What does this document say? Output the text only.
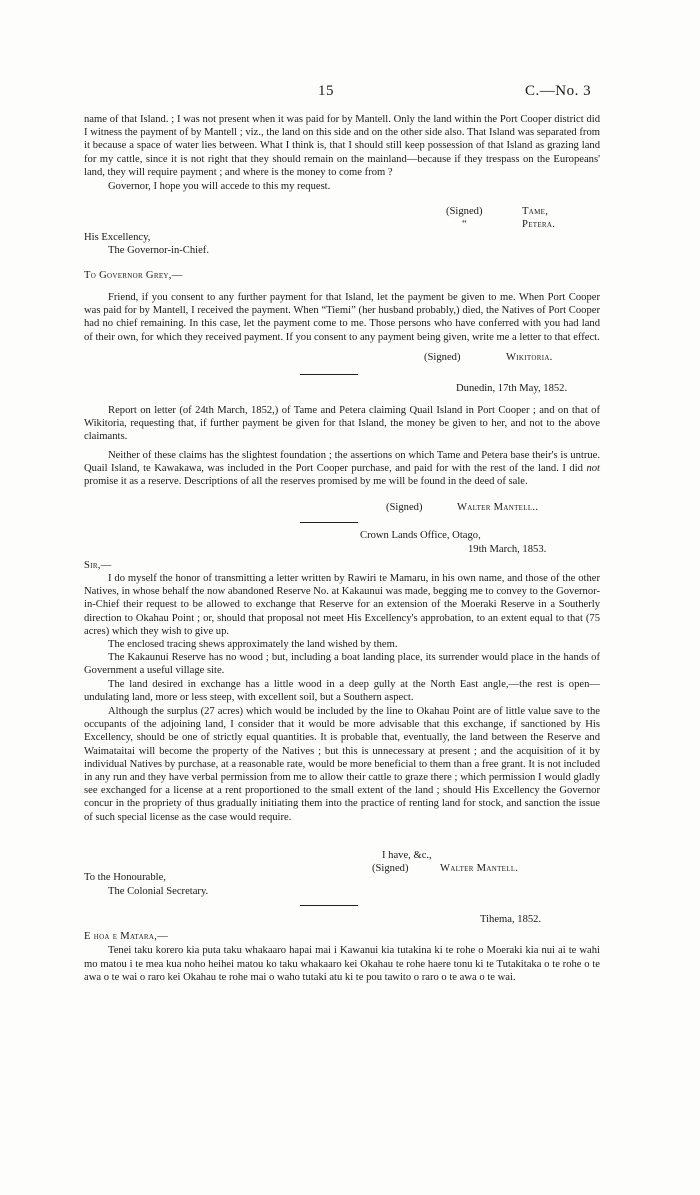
15	C.—No. 3
name of that Island. ; I was not present when it was paid for by Mantell. Only the land within the Port Cooper district did I witness the payment of by Mantell ; viz., the land on this side and on the other side also. That Island was separated from it because a space of water lies between. What I think is, that I should still keep possession of that Island as grazing land for my cattle, since it is not right that they should remain on the mainland—because if they trespass on the Europeans' land, they will require payment ; and where is the money to come from ?
Governor, I hope you will accede to this my request.
(Signed)	Tame,
“	Petera.
His Excellency,
The Governor-in-Chief.
To Governor Grey,—
Friend, if you consent to any further payment for that Island, let the payment be given to me. When Port Cooper was paid for by Mantell, I received the payment. When “Tiemi” (her husband probably,) died, the Natives of Port Cooper had no chief remaining. In this case, let the payment come to me. Those persons who have conferred with you had land of their own, for which they received payment. If you consent to any payment being given, write me a letter to that effect.
(Signed)	Wikitoria.
Dunedin, 17th May, 1852.
Report on letter (of 24th March, 1852,) of Tame and Petera claiming Quail Island in Port Cooper ; and on that of Wikitoria, requesting that, if further payment be given for that Island, the money be given to her, and not to the above claimants.
Neither of these claims has the slightest foundation ; the assertions on which Tame and Petera base their's is untrue. Quail Island, te Kawakawa, was included in the Port Cooper purchase, and paid for with the rest of the land. I did not promise it as a reserve. Descriptions of all the reserves promised by me will be found in the deed of sale.
(Signed)	Walter Mantell..
Crown Lands Office, Otago,
19th March, 1853.
Sir,—
I do myself the honor of transmitting a letter written by Rawiri te Mamaru, in his own name, and those of the other Natives, in whose behalf the now abandoned Reserve No. at Kakaunui was made, begging me to convey to the Governor-in-Chief their request to be allowed to exchange that Reserve for an extension of the Moeraki Reserve in a Southerly direction to Okahau Point ; or, should that proposal not meet His Excellency's approbation, to an extent equal to that (75 acres) which they wish to give up.
The enclosed tracing shews approximately the land wished by them.
The Kakaunui Reserve has no wood ; but, including a boat landing place, its surrender would place in the hands of Government a useful village site.
The land desired in exchange has a little wood in a deep gully at the North East angle,—the rest is open—undulating land, more or less steep, with excellent soil, but a Southern aspect.
Although the surplus (27 acres) which would be included by the line to Okahau Point are of little value save to the occupants of the adjoining land, I consider that it would be more advisable that this exchange, if sanctioned by His Excellency, should be one of strictly equal quantities. It is probable that, eventually, the land between the Reserve and Waimataitai will become the property of the Natives ; but this is unnecessary at present ; and the acquisition of it by individual Natives by purchase, at a reasonable rate, would be more beneficial to them than a free grant. It is not included in any run and they have verbal permission from me to allow their cattle to graze there ; which permission I would gladly see exchanged for a license at a rent proportioned to the small extent of the land ; should His Excellency the Governor concur in the propriety of thus gradually initiating them into the practice of renting land for stock, and sanction the issue of such special license as the case would require.
I have, &c.,
(Signed)	Walter Mantell.
To the Honourable,
The Colonial Secretary.
Tihema, 1852.
E hoa e Matara,—
Tenei taku korero kia puta taku whakaaro hapai mai i Kawanui kia tutakina ki te rohe o Moeraki kia nui ai te wahi mo matou i te mea kua noho heihei matou ko taku whakaaro kei Okahau te rohe haere tonu ki te Tutakitaka o te rohe o te awa o te wai o raro kei Okahau te rohe mai o waho tutaki atu ki te pou tawito o raro o te awa o te wai.
